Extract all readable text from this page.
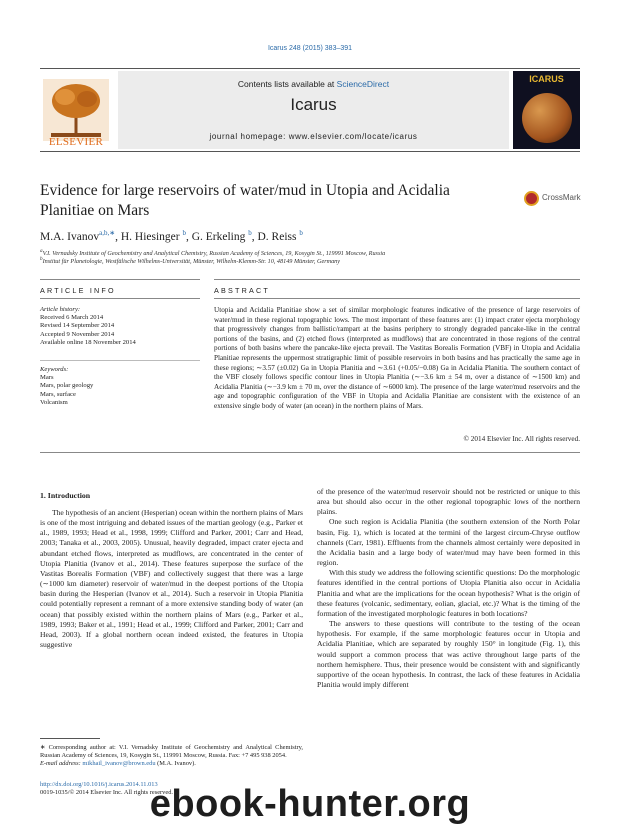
Icarus 248 (2015) 383–391
ELSEVIER
Contents lists available at ScienceDirect
Icarus
journal homepage: www.elsevier.com/locate/icarus
ICARUS
Evidence for large reservoirs of water/mud in Utopia and Acidalia Planitiae on Mars
CrossMark
M.A. Ivanov$^{a,b,∗}$, H. Hiesinger $^b$, G. Erkeling $^b$, D. Reiss $^b$
$^a$V.I. Vernadsky Institute of Geochemistry and Analytical Chemistry, Russian Academy of Sciences, 19, Kosygin St., 119991 Moscow, Russia
$^b$Institut für Planetologie, Westfälische Wilhelms-Universität, Münster, Wilhelm-Klemm-Str. 10, 48149 Münster, Germany
ARTICLE INFO
Article history:
Received 6 March 2014
Revised 14 September 2014
Accepted 9 November 2014
Available online 18 November 2014
Keywords:
Mars
Mars, polar geology
Mars, surface
Volcanism
ABSTRACT
Utopia and Acidalia Planitiae show a set of similar morphologic features indicative of the presence of large reservoirs of water/mud in these regional topographic lows. The most important of these features are: (1) impact crater ejecta morphology that progressively changes from ballistic/rampart at the basins periphery to strongly degraded pancake-like in the central portions of the basins, and (2) etched flows (interpreted as mudflows) that are concentrated in those regions of the central portions of both basins where the pancake-like ejecta prevail. The Vastitas Borealis Formation (VBF) in Utopia and Acidalia Planitiae represents the uppermost stratigraphic limit of possible reservoirs in both basins and has practically the same age in these regions; ∼3.57 (±0.02) Ga in Utopia Planitia and ∼3.61 (+0.05/−0.08) Ga in Acidalia Planitia. The southern contact of the VBF closely follows specific contour lines in Utopia Planitia (∼−3.6 km ± 54 m, over a distance of ∼1500 km) and Acidalia Planitia (∼−3.9 km ± 70 m, over the distance of ∼6000 km). The presence of the large water/mud reservoirs and the age and topographic configuration of the VBF in Utopia and Acidalia Planitiae are consistent with the existence of an extensive single body of water (an ocean) in the northern plains of Mars.
© 2014 Elsevier Inc. All rights reserved.
1. Introduction

The hypothesis of an ancient (Hesperian) ocean within the northern plains of Mars is one of the most intriguing and debated issues of the martian geology (e.g., Parker et al., 1989, 1993; Head et al., 1998, 1999; Clifford and Parker, 2001; Carr and Head, 2003; Tanaka et al., 2003, 2005). Unusual, heavily degraded, impact crater ejecta and abundant etched flows, interpreted as mudflows, are concentrated in the center of Utopia Planitia (Ivanov et al., 2014). These features superpose the surface of the Vastitas Borealis Formation (VBF) and collectively suggest that there was a large (∼1000 km diameter) reservoir of water/mud in the deepest portions of the Utopia basin during the Hesperian (Ivanov et al., 2014). Such a reservoir in Utopia Planitia could potentially represent a remnant of a more extensive standing body of water (an ocean) that possibly existed within the northern plains of Mars (e.g., Parker et al., 1989, 1993; Baker et al., 1991; Head et al., 1999; Clifford and Parker, 2001; Carr and Head, 2003). If a global northern ocean indeed existed, the features in Utopia suggestive

of the presence of the water/mud reservoir should not be restricted or unique to this area but should also occur in the other regional topographic lows of the northern plains.

One such region is Acidalia Planitia (the southern extension of the North Polar basin, Fig. 1), which is located at the termini of the largest circum-Chryse outflow channels (Carr, 1981). Effluents from the channels almost certainly were deposited in the Acidalia basin and a large body of water/mud may have been formed in this region.

With this study we address the following scientific questions: Do the morphologic features identified in the central portions of Utopia Planitia also occur in Acidalia Planitia and what are the implications for the ocean hypothesis? What is the origin of these features (volcanic, sedimentary, eolian, glacial, etc.)? What is the timing of the formation of the investigated morphologic features in both locations?

The answers to these questions will contribute to the testing of the ocean hypothesis. For example, if the same morphologic features occur in Utopia and Acidalia Planitiae, which are separated by roughly 150° in longitude (Fig. 1), this would support a common process that was active throughout large parts of the northern hemisphere. Thus, their presence would be consistent with and significantly supportive of the ocean hypothesis. In contrast, the lack of these features in Acidalia Planitia would imply different

∗ Corresponding author at: V.I. Vernadsky Institute of Geochemistry and Analytical Chemistry, Russian Academy of Sciences, 19, Kosygin St., 119991 Moscow, Russia. Fax: +7 495 938 2054.
E-mail address: mikhail_ivanov@brown.edu (M.A. Ivanov).
http://dx.doi.org/10.1016/j.icarus.2014.11.013
0019-1035/© 2014 Elsevier Inc. All rights reserved.
ebook-hunter.org
